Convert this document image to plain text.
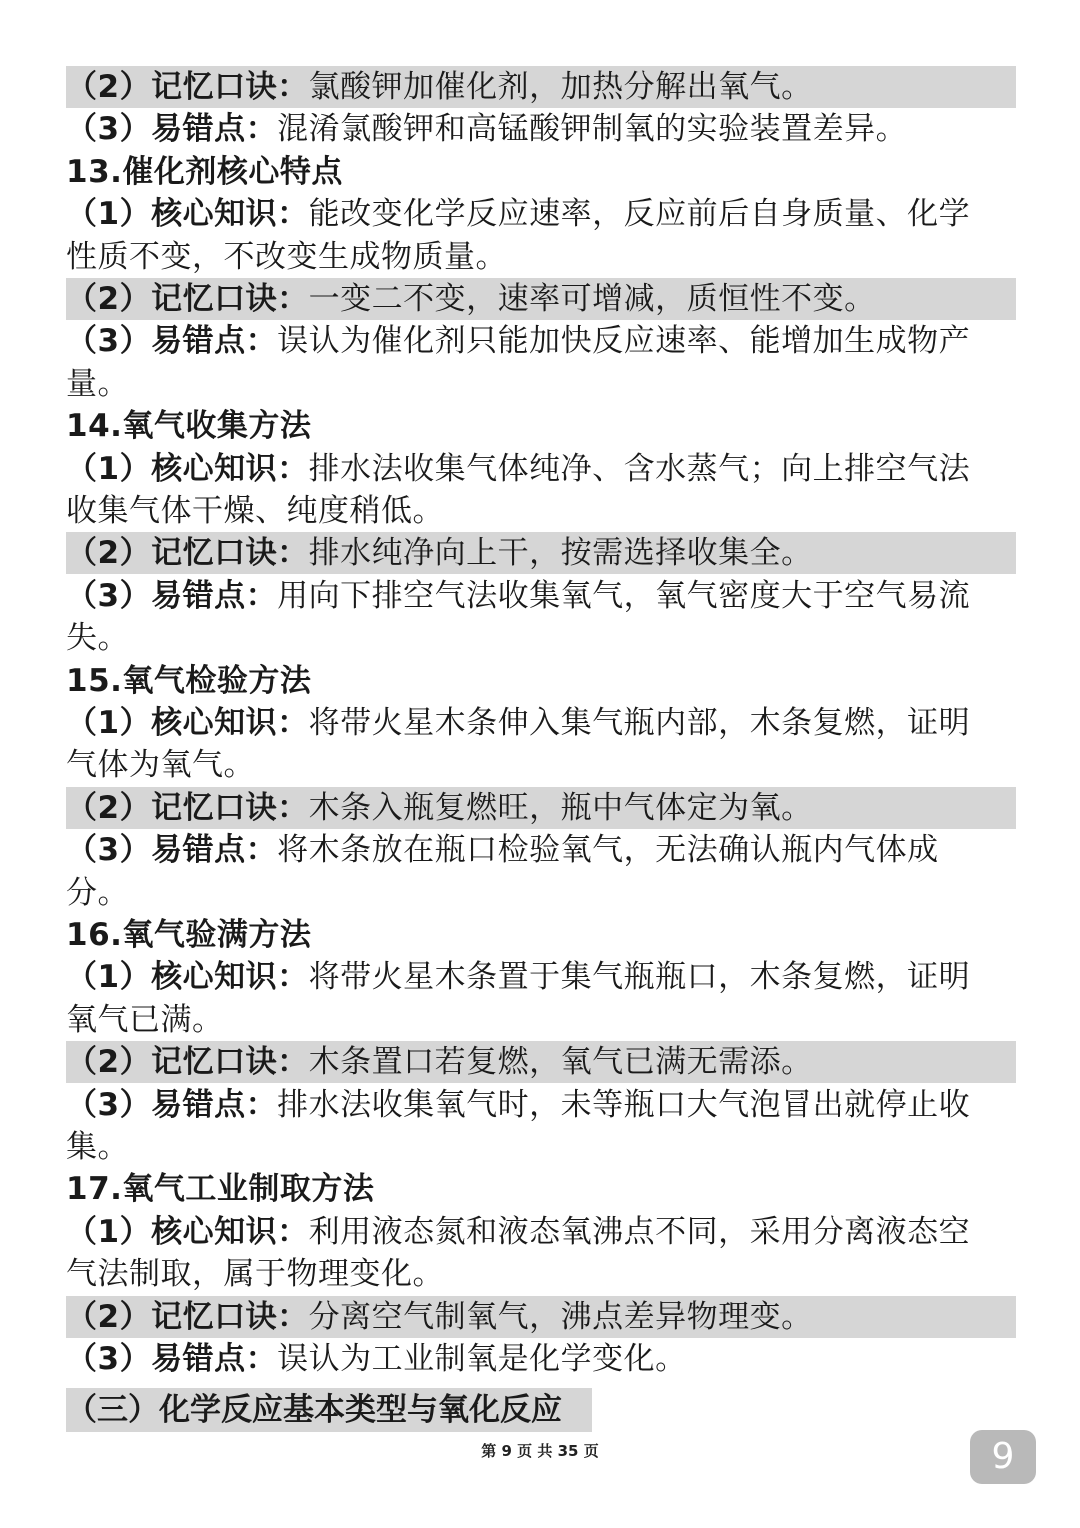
（2）记忆口诀：氯酸钾加催化剂，加热分解出氧气。
（3）易错点：混淆氯酸钾和高锰酸钾制氧的实验装置差异。
13.催化剂核心特点
（1）核心知识：能改变化学反应速率，反应前后自身质量、化学
性质不变，不改变生成物质量。
（2）记忆口诀：一变二不变，速率可增减，质恒性不变。
（3）易错点：误认为催化剂只能加快反应速率、能增加生成物产
量。
14.氧气收集方法
（1）核心知识：排水法收集气体纯净、含水蒸气；向上排空气法
收集气体干燥、纯度稍低。
（2）记忆口诀：排水纯净向上干，按需选择收集全。
（3）易错点：用向下排空气法收集氧气，氧气密度大于空气易流
失。
15.氧气检验方法
（1）核心知识：将带火星木条伸入集气瓶内部，木条复燃，证明
气体为氧气。
（2）记忆口诀：木条入瓶复燃旺，瓶中气体定为氧。
（3）易错点：将木条放在瓶口检验氧气，无法确认瓶内气体成
分。
16.氧气验满方法
（1）核心知识：将带火星木条置于集气瓶瓶口，木条复燃，证明
氧气已满。
（2）记忆口诀：木条置口若复燃，氧气已满无需添。
（3）易错点：排水法收集氧气时，未等瓶口大气泡冒出就停止收
集。
17.氧气工业制取方法
（1）核心知识：利用液态氮和液态氧沸点不同，采用分离液态空
气法制取，属于物理变化。
（2）记忆口诀：分离空气制氧气，沸点差异物理变。
（3）易错点：误认为工业制氧是化学变化。
（三）化学反应基本类型与氧化反应
第 9 页 共 35 页	9
